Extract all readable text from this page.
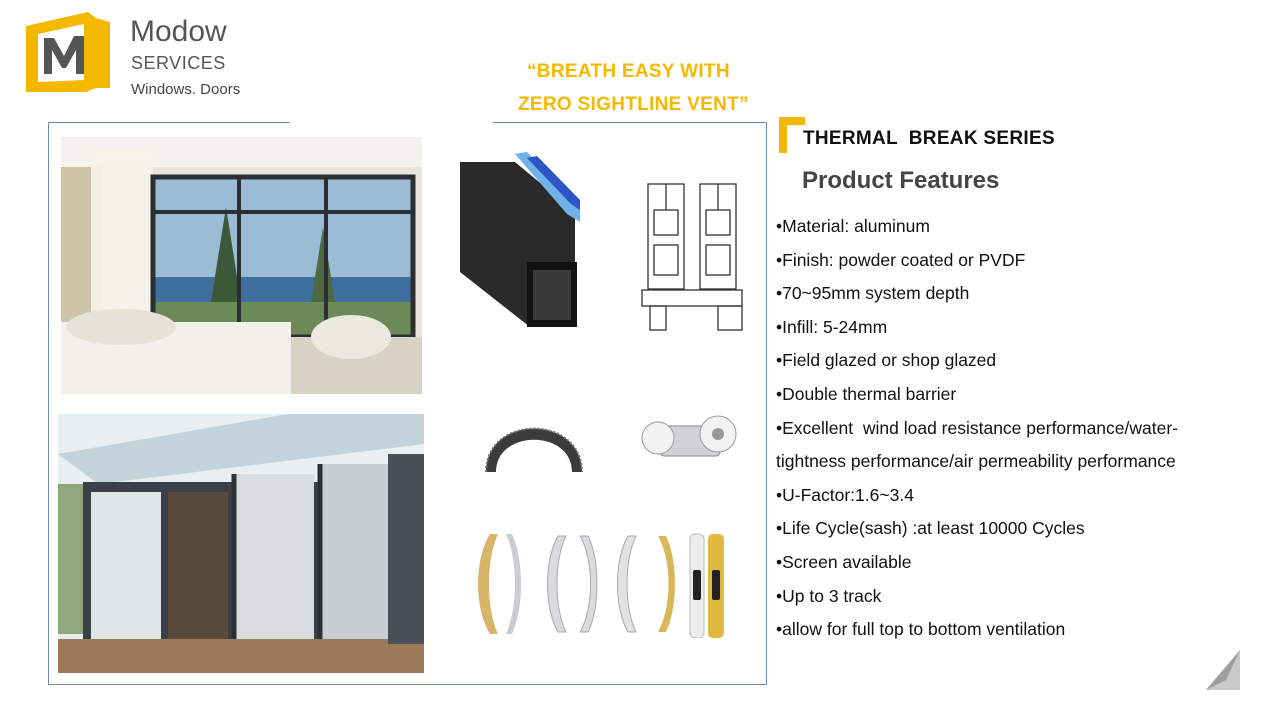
Modow
SERVICES
Windows. Doors
“BREATH EASY WITH
ZERO SIGHTLINE VENT”
THERMAL  BREAK SERIES
Product Features
•Material: aluminum
•Finish: powder coated or PVDF
•70~95mm system depth
•Infill: 5-24mm
•Field glazed or shop glazed
•Double thermal barrier
•Excellent  wind load resistance performance/water-
tightness performance/air permeability performance
•U-Factor:1.6~3.4
•Life Cycle(sash) :at least 10000 Cycles
•Screen available
•Up to 3 track
•allow for full top to bottom ventilation
